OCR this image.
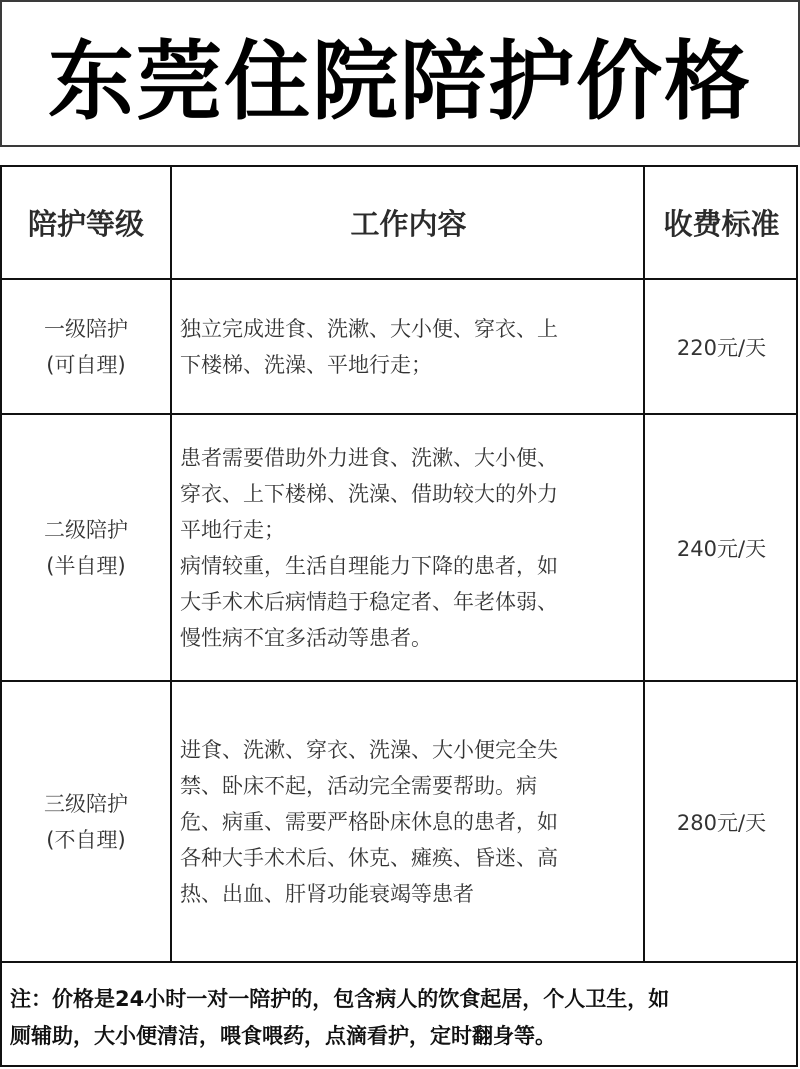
东莞住院陪护价格
陪护等级	工作内容	收费标准
一级陪护
(可自理)
独立完成进食、洗漱、大小便、穿衣、上
下楼梯、洗澡、平地行走；
220元/天
二级陪护
(半自理)
患者需要借助外力进食、洗漱、大小便、
穿衣、上下楼梯、洗澡、借助较大的外力
平地行走；
病情较重，生活自理能力下降的患者，如
大手术术后病情趋于稳定者、年老体弱、
慢性病不宜多活动等患者。
240元/天
三级陪护
(不自理)
进食、洗漱、穿衣、洗澡、大小便完全失
禁、卧床不起，活动完全需要帮助。病
危、病重、需要严格卧床休息的患者，如
各种大手术术后、休克、瘫痪、昏迷、高
热、出血、肝肾功能衰竭等患者
280元/天
注：价格是24小时一对一陪护的，包含病人的饮食起居，个人卫生，如
厕辅助，大小便清洁，喂食喂药，点滴看护，定时翻身等。
